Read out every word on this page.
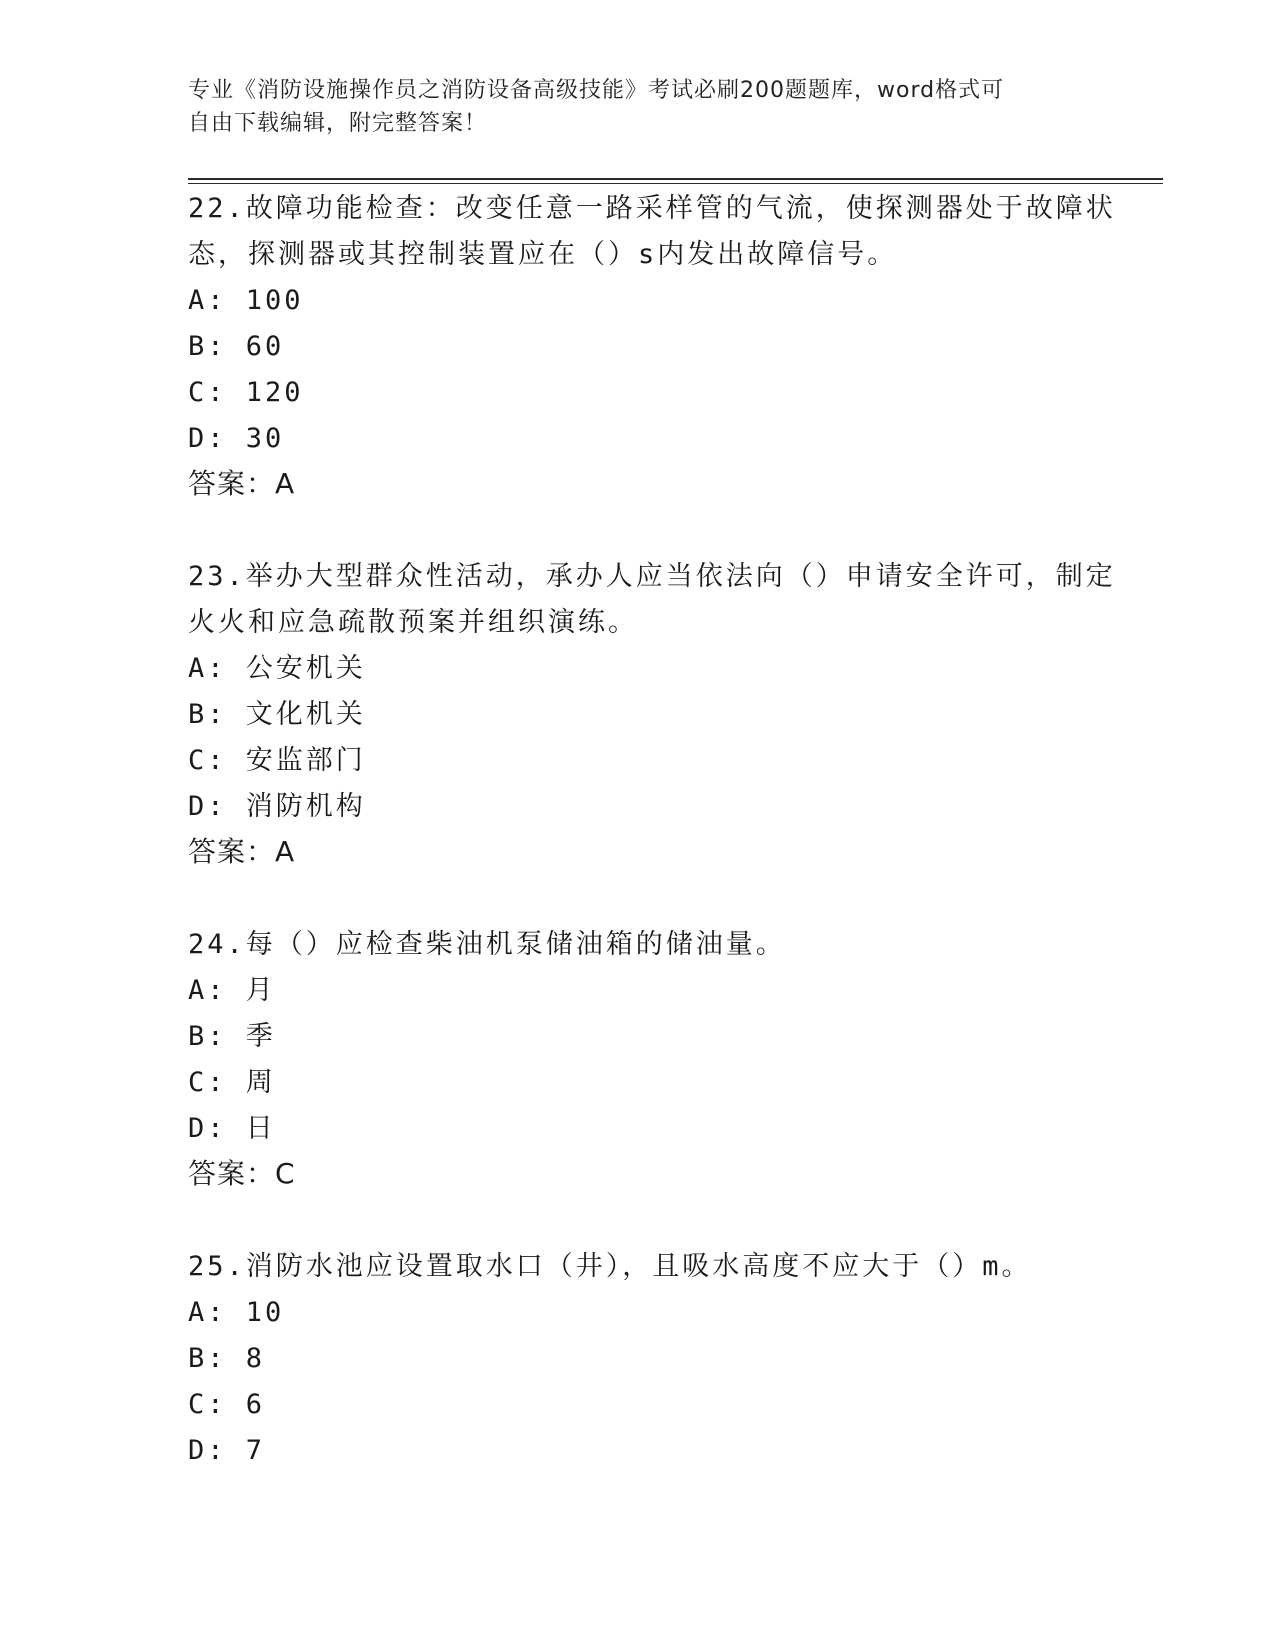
专业《消防设施操作员之消防设备高级技能》考试必刷200题题库，word格式可
自由下载编辑，附完整答案！
22.故障功能检查：改变任意一路采样管的气流，使探测器处于故障状
态，探测器或其控制装置应在（）s内发出故障信号。
A: 100
B: 60
C: 120
D: 30
答案：A
23.举办大型群众性活动，承办人应当依法向（）申请安全许可，制定
火火和应急疏散预案并组织演练。
A: 公安机关
B: 文化机关
C: 安监部门
D: 消防机构
答案：A
24.每（）应检查柴油机泵储油箱的储油量。
A: 月
B: 季
C: 周
D: 日
答案：C
25.消防水池应设置取水口（井），且吸水高度不应大于（）m。
A: 10
B: 8
C: 6
D: 7
